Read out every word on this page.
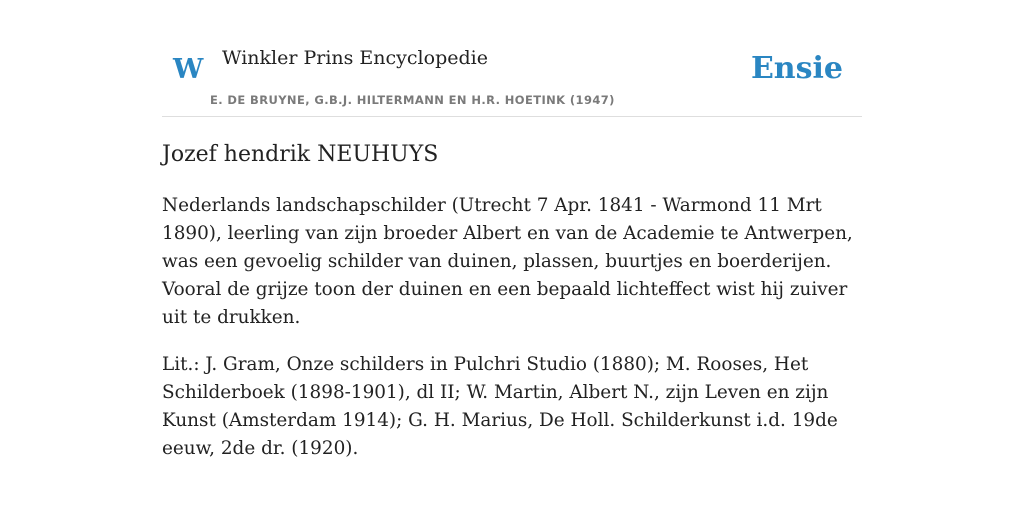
W Winkler Prins Encyclopedie
E. DE BRUYNE, G.B.J. HILTERMANN EN H.R. HOETINK (1947)
Ensie
Jozef hendrik NEUHUYS

Nederlands landschapschilder (Utrecht 7 Apr. 1841 - Warmond 11 Mrt 1890), leerling van zijn broeder Albert en van de Academie te Antwerpen, was een gevoelig schilder van duinen, plassen, buurtjes en boerderijen. Vooral de grijze toon der duinen en een bepaald lichteffect wist hij zuiver uit te drukken.

Lit.: J. Gram, Onze schilders in Pulchri Studio (1880); M. Rooses, Het Schilderboek (1898-1901), dl II; W. Martin, Albert N., zijn Leven en zijn Kunst (Amsterdam 1914); G. H. Marius, De Holl. Schilderkunst i.d. 19de eeuw, 2de dr. (1920).
